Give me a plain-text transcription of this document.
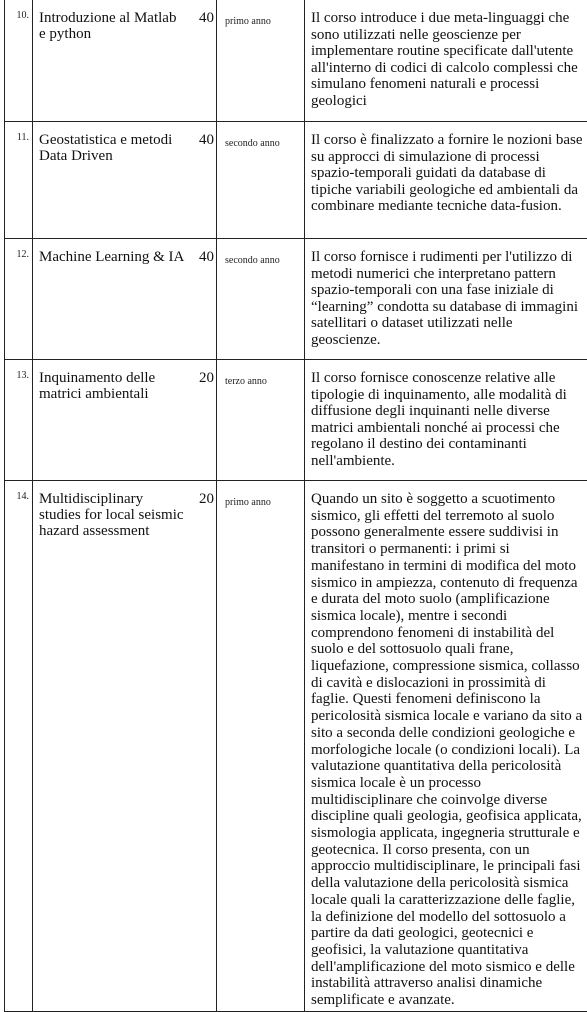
10.	Introduzione al Matlab e python	40	primo anno	Il corso introduce i due meta-linguaggi che sono utilizzati nelle geoscienze per implementare routine specificate dall'utente all'interno di codici di calcolo complessi che simulano fenomeni naturali e processi geologici
11.	Geostatistica e metodi Data Driven	40	secondo anno	Il corso è finalizzato a fornire le nozioni base su approcci di simulazione di processi spazio-temporali guidati da database di tipiche variabili geologiche ed ambientali da combinare mediante tecniche data-fusion.
12.	Machine Learning & IA	40	secondo anno	Il corso fornisce i rudimenti per l'utilizzo di metodi numerici che interpretano pattern spazio-temporali con una fase iniziale di “learning” condotta su database di immagini satellitari o dataset utilizzati nelle geoscienze.
13.	Inquinamento delle matrici ambientali	20	terzo anno	Il corso fornisce conoscenze relative alle tipologie di inquinamento, alle modalità di diffusione degli inquinanti nelle diverse matrici ambientali nonché ai processi che regolano il destino dei contaminanti nell'ambiente.
14.	Multidisciplinary studies for local seismic hazard assessment	20	primo anno	Quando un sito è soggetto a scuotimento sismico, gli effetti del terremoto al suolo possono generalmente essere suddivisi in transitori o permanenti: i primi si manifestano in termini di modifica del moto sismico in ampiezza, contenuto di frequenza e durata del moto suolo (amplificazione sismica locale), mentre i secondi comprendono fenomeni di instabilità del suolo e del sottosuolo quali frane, liquefazione, compressione sismica, collasso di cavità e dislocazioni in prossimità di faglie. Questi fenomeni definiscono la pericolosità sismica locale e variano da sito a sito a seconda delle condizioni geologiche e morfologiche locale (o condizioni locali). La valutazione quantitativa della pericolosità sismica locale è un processo multidisciplinare che coinvolge diverse discipline quali geologia, geofisica applicata, sismologia applicata, ingegneria strutturale e geotecnica. Il corso presenta, con un approccio multidisciplinare, le principali fasi della valutazione della pericolosità sismica locale quali la caratterizzazione delle faglie, la definizione del modello del sottosuolo a partire da dati geologici, geotecnici e geofisici, la valutazione quantitativa dell'amplificazione del moto sismico e delle instabilità attraverso analisi dinamiche semplificate e avanzate.
